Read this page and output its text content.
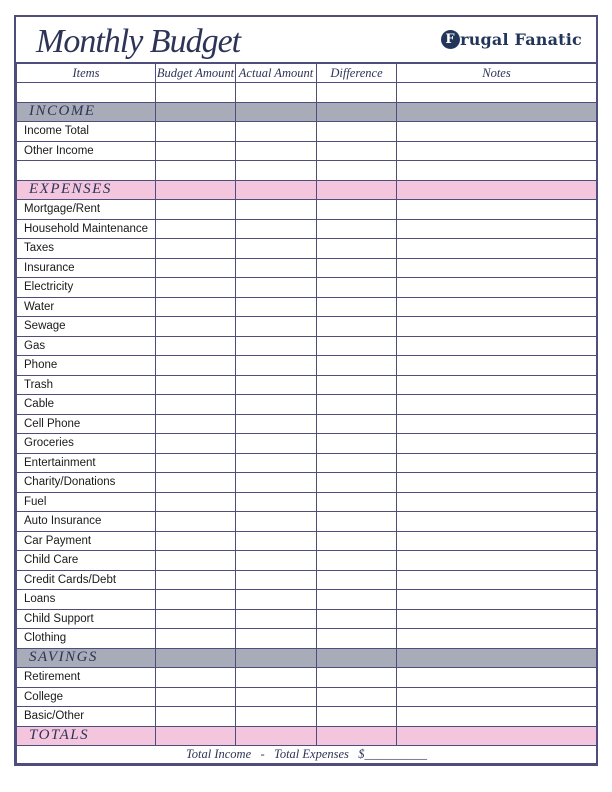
Monthly Budget	F rugal Fanatic
Items	Budget Amount	Actual Amount	Difference	Notes

INCOME				
Income Total				
Other Income				

EXPENSES				
Mortgage/Rent				
Household Maintenance				
Taxes				
Insurance				
Electricity				
Water				
Sewage				
Gas				
Phone				
Trash				
Cable				
Cell Phone				
Groceries				
Entertainment				
Charity/Donations				
Fuel				
Auto Insurance				
Car Payment				
Child Care				
Credit Cards/Debt				
Loans				
Child Support				
Clothing				
SAVINGS				
Retirement				
College				
Basic/Other				
TOTALS				
Total Income   -   Total Expenses   $__________				
